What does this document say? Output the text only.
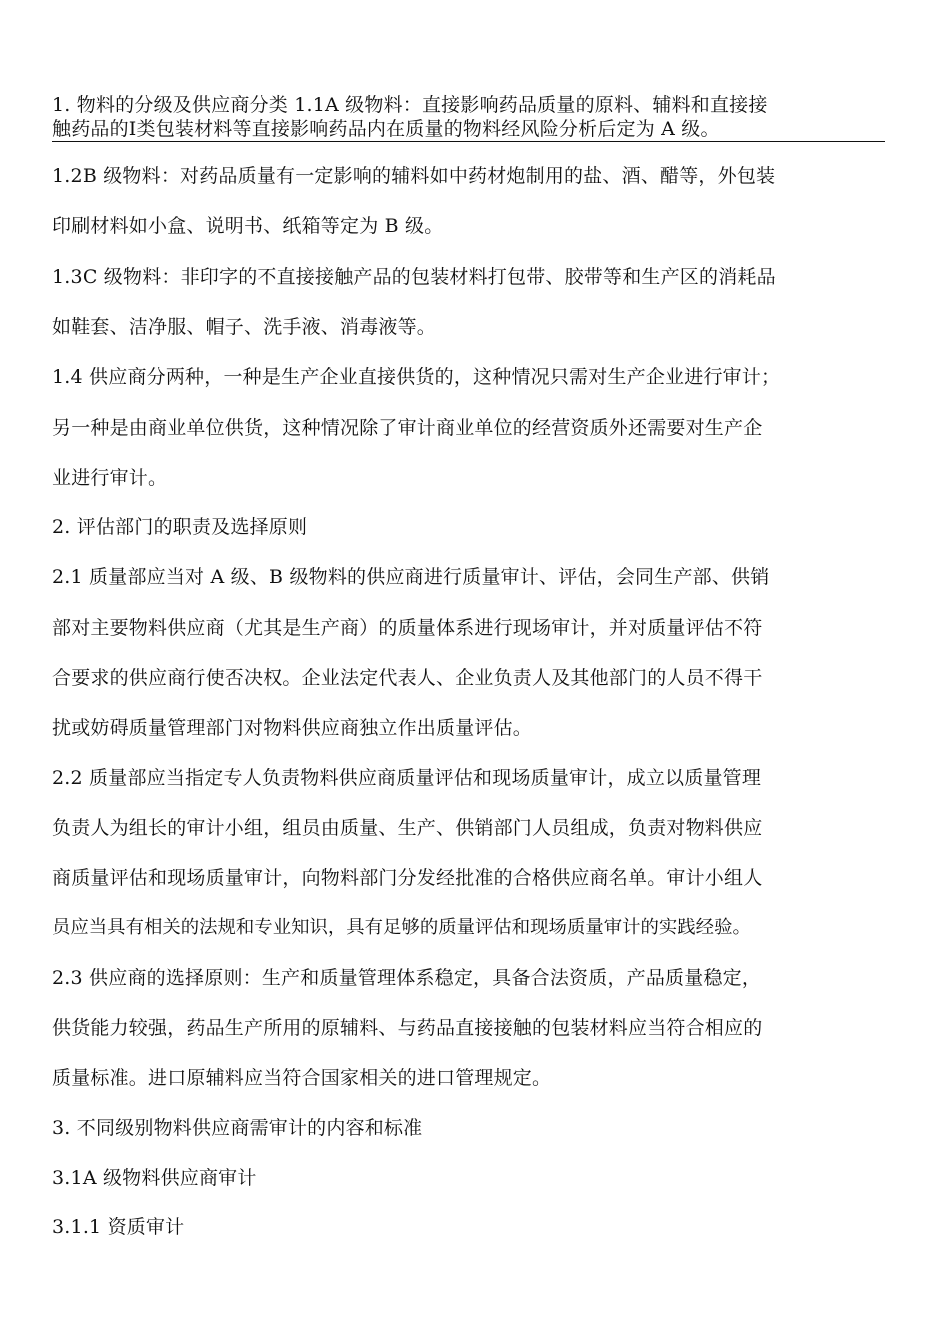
1. 物料的分级及供应商分类 1.1A 级物料：直接影响药品质量的原料、辅料和直接接
触药品的Ⅰ类包装材料等直接影响药品内在质量的物料经风险分析后定为 A 级。
1.2B 级物料：对药品质量有一定影响的辅料如中药材炮制用的盐、酒、醋等，外包装
印刷材料如小盒、说明书、纸箱等定为 B 级。
1.3C 级物料：非印字的不直接接触产品的包装材料打包带、胶带等和生产区的消耗品
如鞋套、洁净服、帽子、洗手液、消毒液等。
1.4 供应商分两种，一种是生产企业直接供货的，这种情况只需对生产企业进行审计；
另一种是由商业单位供货，这种情况除了审计商业单位的经营资质外还需要对生产企
业进行审计。
2. 评估部门的职责及选择原则
2.1 质量部应当对 A 级、B 级物料的供应商进行质量审计、评估，会同生产部、供销
部对主要物料供应商（尤其是生产商）的质量体系进行现场审计，并对质量评估不符
合要求的供应商行使否决权。企业法定代表人、企业负责人及其他部门的人员不得干
扰或妨碍质量管理部门对物料供应商独立作出质量评估。
2.2 质量部应当指定专人负责物料供应商质量评估和现场质量审计，成立以质量管理
负责人为组长的审计小组，组员由质量、生产、供销部门人员组成，负责对物料供应
商质量评估和现场质量审计，向物料部门分发经批准的合格供应商名单。审计小组人
员应当具有相关的法规和专业知识，具有足够的质量评估和现场质量审计的实践经验。
2.3 供应商的选择原则：生产和质量管理体系稳定，具备合法资质，产品质量稳定，
供货能力较强，药品生产所用的原辅料、与药品直接接触的包装材料应当符合相应的
质量标准。进口原辅料应当符合国家相关的进口管理规定。
3. 不同级别物料供应商需审计的内容和标准
3.1A 级物料供应商审计
3.1.1 资质审计
